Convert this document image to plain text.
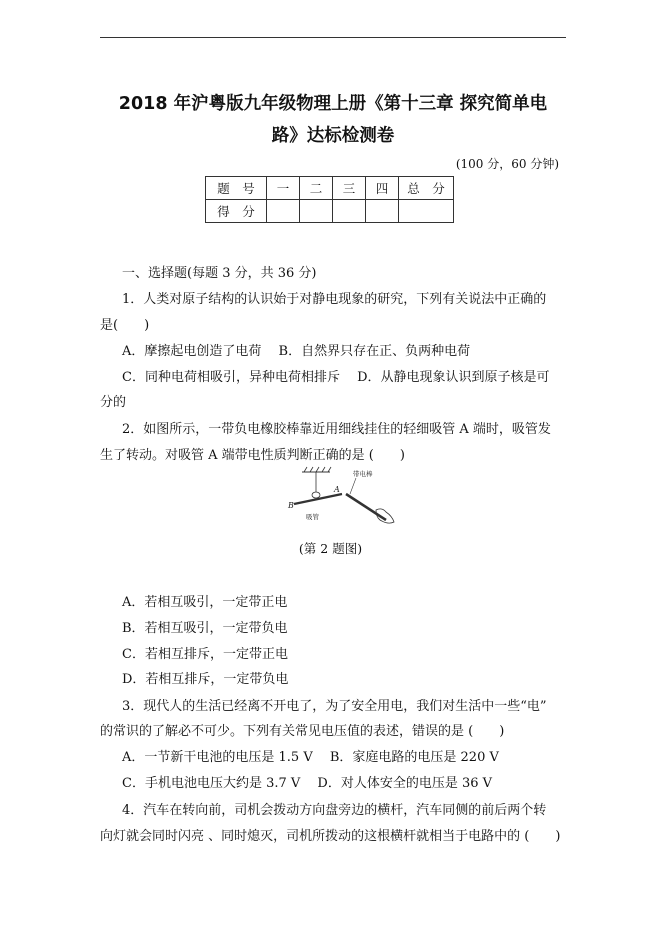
2018 年沪粤版九年级物理上册《第十三章 探究简单电
路》达标检测卷
(100 分，60 分钟)
题　号	一	二	三	四	总　分
得　分					
一、选择题(每题 3 分，共 36 分)
1．人类对原子结构的认识始于对静电现象的研究，下列有关说法中正确的
是(　　)
A．摩擦起电创造了电荷　 B．自然界只存在正、负两种电荷
C．同种电荷相吸引，异种电荷相排斥　 D．从静电现象认识到原子核是可
分的
2．如图所示，一带负电橡胶棒靠近用细线挂住的轻细吸管 A 端时，吸管发
生了转动。对吸管 A 端带电性质判断正确的是 (　　)
B
A
吸管
带电棒
(第 2 题图)
A．若相互吸引，一定带正电
B．若相互吸引，一定带负电
C．若相互排斥，一定带正电
D．若相互排斥，一定带负电
3．现代人的生活已经离不开电了，为了安全用电，我们对生活中一些“电”
的常识的了解必不可少。下列有关常见电压值的表述，错误的是 (　　)
A．一节新干电池的电压是 1.5 V　 B．家庭电路的电压是 220 V
C．手机电池电压大约是 3.7 V　 D．对人体安全的电压是 36 V
4．汽车在转向前，司机会拨动方向盘旁边的横杆，汽车同侧的前后两个转
向灯就会同时闪亮 、同时熄灭，司机所拨动的这根横杆就相当于电路中的 (　　)
